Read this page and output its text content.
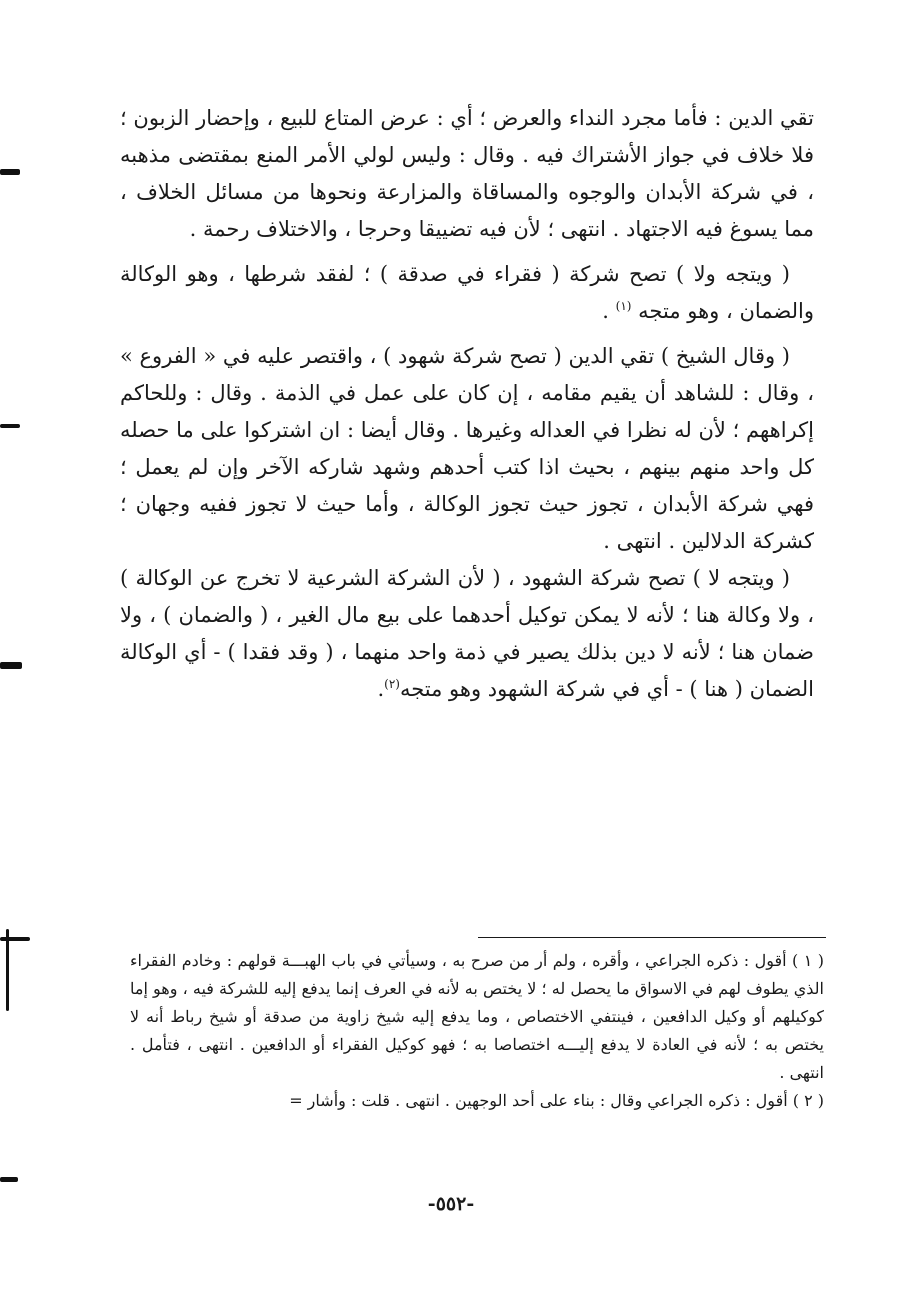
تقي الدين : فأما مجرد النداء والعرض ؛ أي : عرض المتاع للبيع ، وإحضار الزبون ؛ فلا خلاف في جواز الأشتراك فيه . وقال : وليس لولي الأمر المنع بمقتضى مذهبه ، في شركة الأبدان والوجوه والمساقاة والمزارعة ونحوها من مسائل الخلاف ، مما يسوغ فيه الاجتهاد . انتهى ؛ لأن فيه تضييقا وحرجا ، والاختلاف رحمة .

( ويتجه ولا ) تصح شركة ( فقراء في صدقة ) ؛ لفقد شرطها ، وهو الوكالة والضمان ، وهو متجه $^{(١)}$ .

( وقال الشيخ ) تقي الدين ( تصح شركة شهود ) ، واقتصر عليه في « الفروع » ، وقال : للشاهد أن يقيم مقامه ، إن كان على عمل في الذمة . وقال : وللحاكم إكراههم ؛ لأن له نظرا في العداله وغيرها . وقال أيضا : ان اشتركوا على ما حصله كل واحد منهم بينهم ، بحيث اذا كتب أحدهم وشهد شاركه الآخر وإن لم يعمل ؛ فهي شركة الأبدان ، تجوز حيث تجوز الوكالة ، وأما حيث لا تجوز ففيه وجهان ؛ كشركة الدلالين . انتهى .

( ويتجه لا ) تصح شركة الشهود ، ( لأن الشركة الشرعية لا تخرج عن الوكالة ) ، ولا وكالة هنا ؛ لأنه لا يمكن توكيل أحدهما على بيع مال الغير ، ( والضمان ) ، ولا ضمان هنا ؛ لأنه لا دين بذلك يصير في ذمة واحد منهما ، ( وقد فقدا ) - أي الوكالة الضمان ( هنا ) - أي في شركة الشهود وهو متجه$^{(٢)}$.

( ١ ) أقول : ذكره الجراعي ، وأقره ، ولم أر من صرح به ، وسيأتي في باب الهبـــة قولهم : وخادم الفقراء الذي يطوف لهم في الاسواق ما يحصل له ؛ لا يختص به لأنه في العرف إنما يدفع إليه للشركة فيه ، وهو إما كوكيلهم أو وكيل الدافعين ، فينتفي الاختصاص ، وما يدفع إليه شيخ زاوية من صدقة أو شيخ رباط أنه لا يختص به ؛ لأنه في العادة لا يدفع إليـــه اختصاصا به ؛ فهو كوكيل الفقراء أو الدافعين . انتهى ، فتأمل . انتهى .

( ٢ ) أقول : ذكره الجراعي وقال : بناء على أحد الوجهين . انتهى . قلت : وأشار =

-٥٥٢-
